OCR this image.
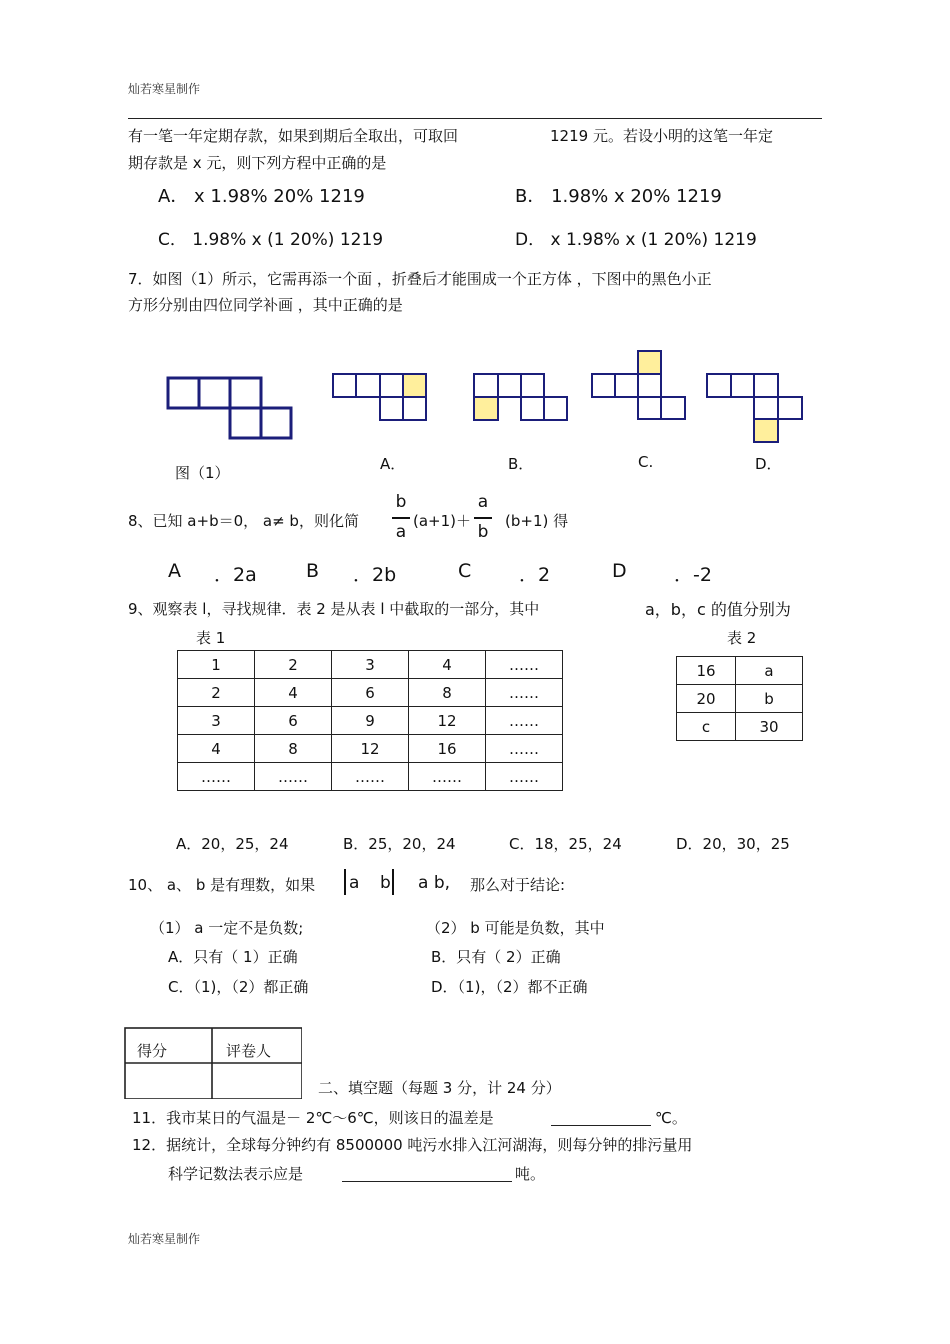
灿若寒星制作
有一笔一年定期存款，如果到期后全取出，可取回	1219 元。若设小明的这笔一年定
期存款是 x 元，则下列方程中正确的是
A． x 1.98% 20% 1219	B． 1.98% x 20% 1219
C． 1.98% x (1 20%) 1219	D． x 1.98% x (1 20%) 1219
7．如图（1）所示，它需再添一个面 ，折叠后才能围成一个正方体 ，下图中的黑色小正
方形分别由四位同学补画 ，其中正确的是
图（1）	A．	B．	C.	D．
8、已知 a+b＝0， a≠ b，则化简
b
a
(a+1)＋
a
b
(b+1) 得
A ．2a	B ．2b	C	．2	D ．-2
9、观察表 l，寻找规律．表 2 是从表 l 中截取的一部分，其中	a，b，c 的值分别为
表 1	表 2
1	2	3	4	……
2	4	6	8	……
3	6	9	12	……
4	8	12	16	……
……	……	……	……	……
16	a
20	b
c	30
A．20，25，24	B．25，20，24	C．18，25，24	D．20，30，25
10、 a、 b 是有理数，如果 a b a b, 那么对于结论:
（1） a 一定不是负数;	（2） b 可能是负数，其中
A．只有（ 1）正确	B．只有（ 2）正确
C．（1)，（2）都正确	D．（1)，（2）都不正确
得分	评卷人
二、填空题（每题 3 分，计 24 分）
11．我市某日的气温是－ 2℃～6℃，则该日的温差是	℃。
12．据统计，全球每分钟约有 8500000 吨污水排入江河湖海，则每分钟的排污量用
科学记数法表示应是	吨。
灿若寒星制作
